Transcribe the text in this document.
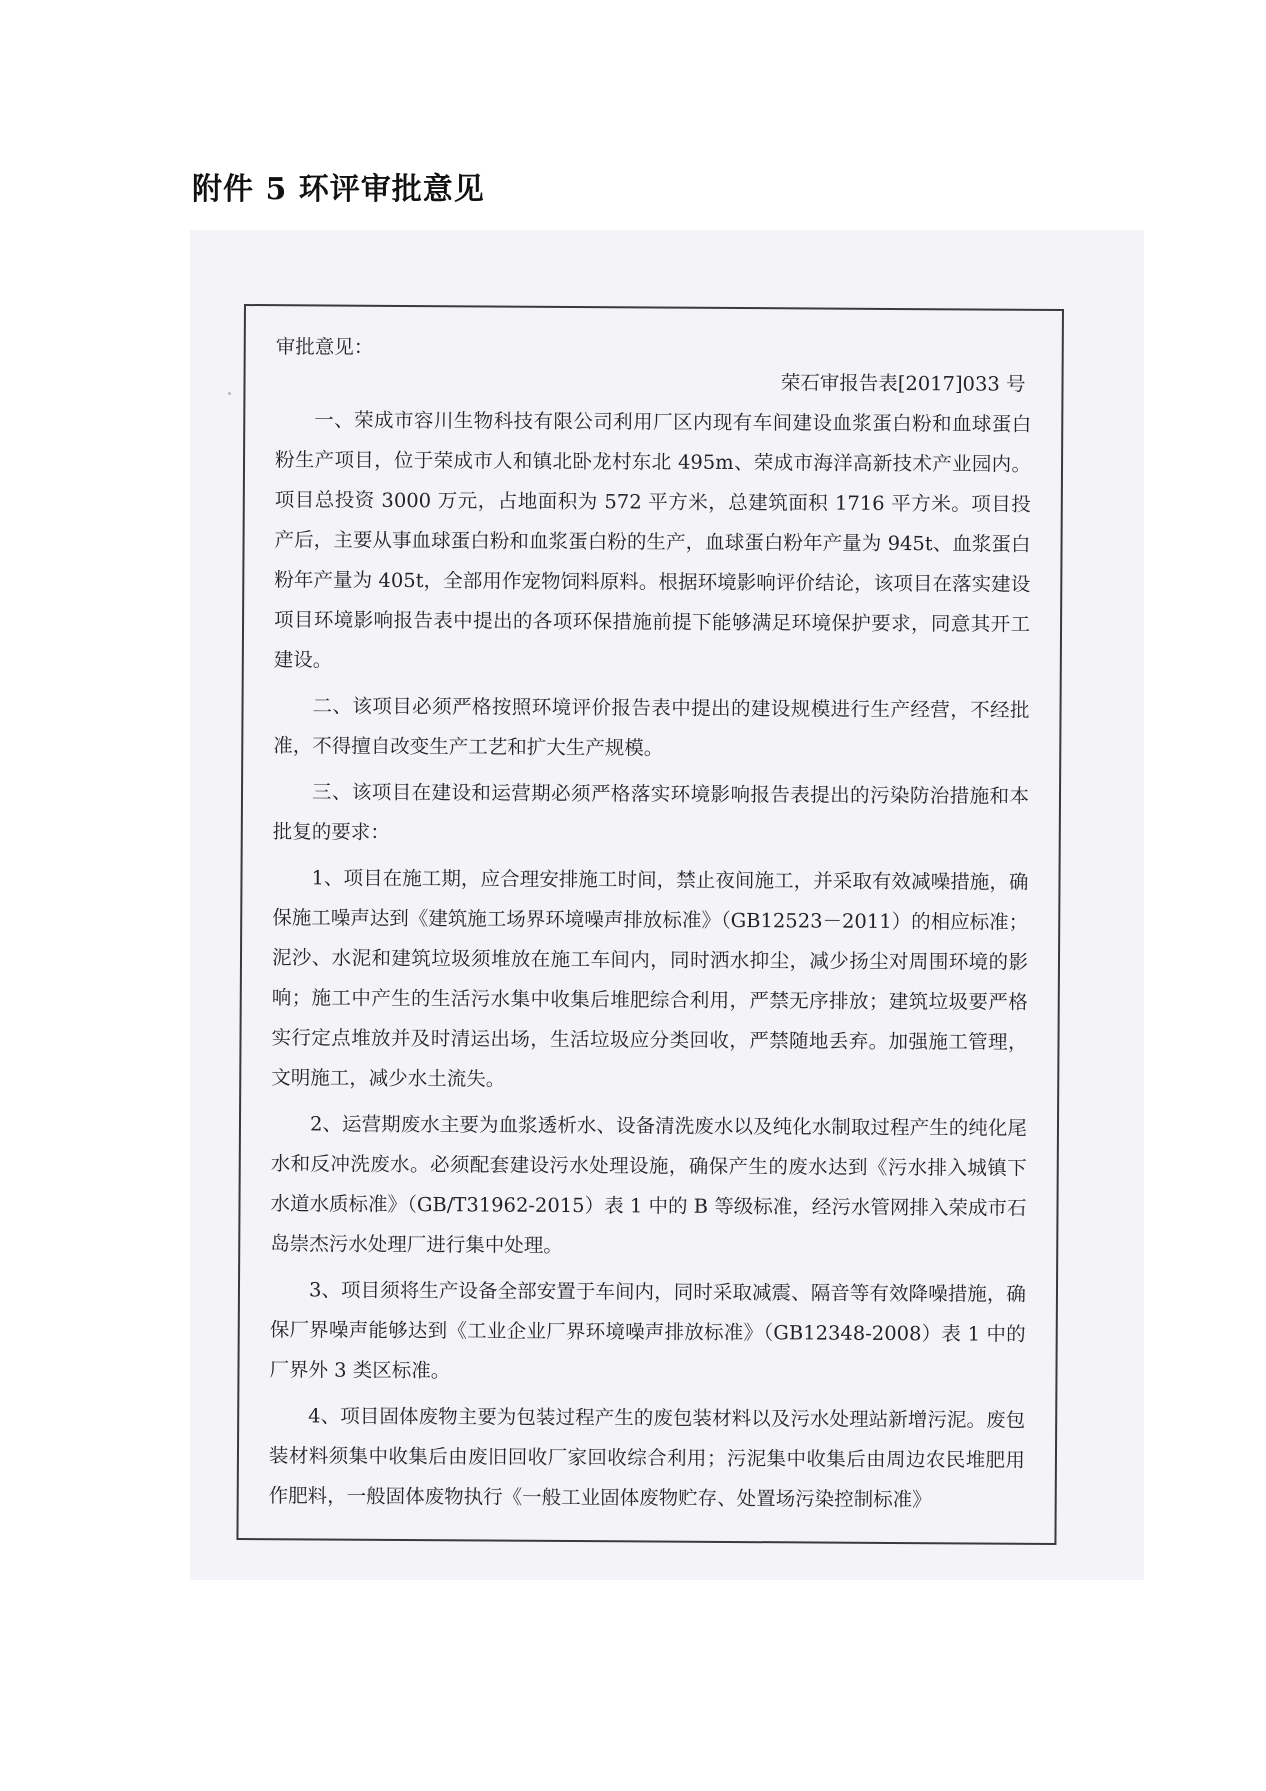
附件 5 环评审批意见
审批意见：
荣石审报告表[2017]033 号

一、荣成市容川生物科技有限公司利用厂区内现有车间建设血浆蛋白粉和血球蛋白粉生产项目，位于荣成市人和镇北卧龙村东北 495m、荣成市海洋高新技术产业园内。项目总投资 3000 万元，占地面积为 572 平方米，总建筑面积 1716 平方米。项目投产后，主要从事血球蛋白粉和血浆蛋白粉的生产，血球蛋白粉年产量为 945t、血浆蛋白粉年产量为 405t，全部用作宠物饲料原料。根据环境影响评价结论，该项目在落实建设项目环境影响报告表中提出的各项环保措施前提下能够满足环境保护要求，同意其开工建设。

二、该项目必须严格按照环境评价报告表中提出的建设规模进行生产经营，不经批准，不得擅自改变生产工艺和扩大生产规模。

三、该项目在建设和运营期必须严格落实环境影响报告表提出的污染防治措施和本批复的要求：

1、项目在施工期，应合理安排施工时间，禁止夜间施工，并采取有效减噪措施，确保施工噪声达到《建筑施工场界环境噪声排放标准》（GB12523－2011）的相应标准；泥沙、水泥和建筑垃圾须堆放在施工车间内，同时洒水抑尘，减少扬尘对周围环境的影响；施工中产生的生活污水集中收集后堆肥综合利用，严禁无序排放；建筑垃圾要严格实行定点堆放并及时清运出场，生活垃圾应分类回收，严禁随地丢弃。加强施工管理，文明施工，减少水土流失。

2、运营期废水主要为血浆透析水、设备清洗废水以及纯化水制取过程产生的纯化尾水和反冲洗废水。必须配套建设污水处理设施，确保产生的废水达到《污水排入城镇下水道水质标准》（GB/T31962-2015）表 1 中的 B 等级标准，经污水管网排入荣成市石岛崇杰污水处理厂进行集中处理。

3、项目须将生产设备全部安置于车间内，同时采取减震、隔音等有效降噪措施，确保厂界噪声能够达到《工业企业厂界环境噪声排放标准》（GB12348-2008）表 1 中的厂界外 3 类区标准。

4、项目固体废物主要为包装过程产生的废包装材料以及污水处理站新增污泥。废包装材料须集中收集后由废旧回收厂家回收综合利用；污泥集中收集后由周边农民堆肥用作肥料，一般固体废物执行《一般工业固体废物贮存、处置场污染控制标准》
